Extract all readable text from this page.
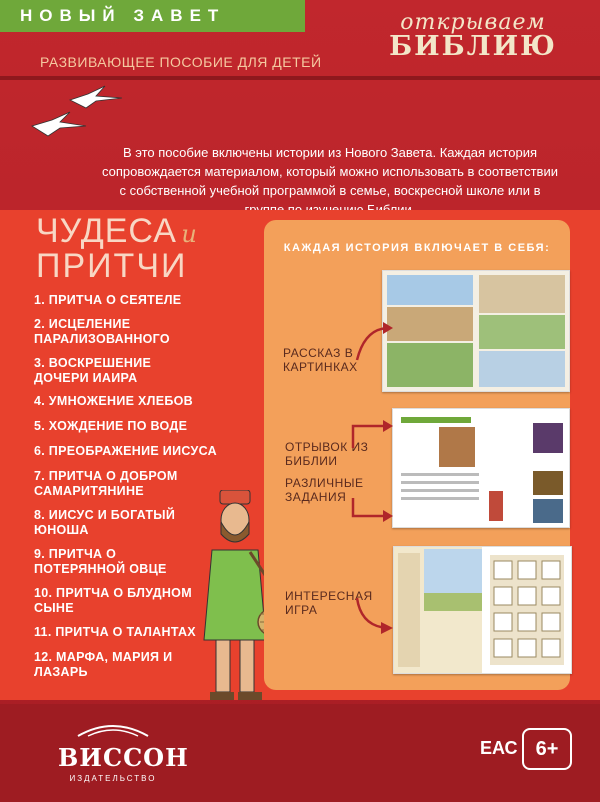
НОВЫЙ ЗАВЕТ	открываем
БИБЛИЮ
РАЗВИВАЮЩЕЕ ПОСОБИЕ ДЛЯ ДЕТЕЙ

В это пособие включены истории из Нового Завета. Каждая история сопровождается материалом, который можно использовать в соответствии с собственной учебной программой в семье, воскресной школе или в

ЧУДЕСА и
ПРИТЧИ
1. ПРИТЧА О СЕЯТЕЛЕ
2. ИСЦЕЛЕНИЕ ПАРАЛИЗОВАННОГО
3. ВОСКРЕШЕНИЕ ДОЧЕРИ ИАИРА
4. УМНОЖЕНИЕ ХЛЕБОВ
5. ХОЖДЕНИЕ ПО ВОДЕ
6. ПРЕОБРАЖЕНИЕ ИИСУСА
7. ПРИТЧА О ДОБРОМ САМАРИТЯНИНЕ
8. ИИСУС И БОГАТЫЙ ЮНОША
9. ПРИТЧА О ПОТЕРЯННОЙ ОВЦЕ
10. ПРИТЧА О БЛУДНОМ СЫНЕ
11. ПРИТЧА О ТАЛАНТАХ
12. МАРФА, МАРИЯ И ЛАЗАРЬ
КАЖДАЯ ИСТОРИЯ ВКЛЮЧАЕТ В СЕБЯ:
РАССКАЗ В КАРТИНКАХ
ОТРЫВОК ИЗ БИБЛИИ
РАЗЛИЧНЫЕ ЗАДАНИЯ
ИНТЕРЕСНАЯ ИГРА
ВИССОН
ИЗДАТЕЛЬСТВО
ЕАС 6+
